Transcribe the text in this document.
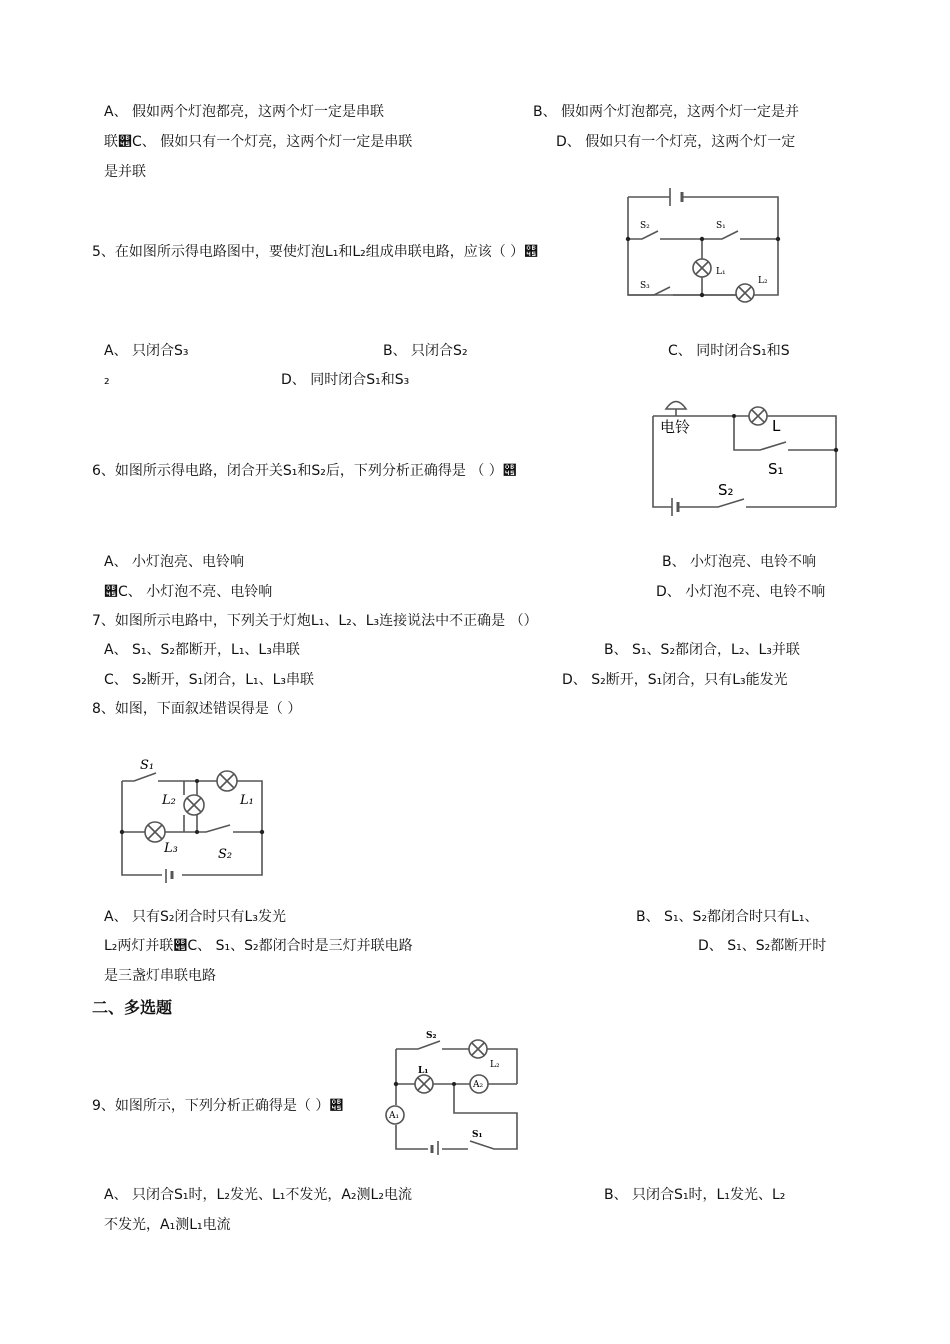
A、 假如两个灯泡都亮，这两个灯一定是串联	B、 假如两个灯泡都亮，这两个灯一定是并
联୅C、 假如只有一个灯亮，这两个灯一定是串联	D、 假如只有一个灯亮，这两个灯一定
是并联
5、在如图所示得电路图中，要使灯泡L₁和L₂组成串联电路，应该（ ）୅
S₂	S₁
L₁
S₃	L₂
A、 只闭合S₃	B、 只闭合S₂	C、 同时闭合S₁和S
₂	D、 同时闭合S₁和S₃
6、如图所示得电路，闭合开关S₁和S₂后，下列分析正确得是 （ ）୅
电铃	L
S₁
S₂
A、 小灯泡亮、电铃响	B、 小灯泡亮、电铃不响
୅C、 小灯泡不亮、电铃响	D、 小灯泡不亮、电铃不响
7、如图所示电路中，下列关于灯炮L₁、L₂、L₃连接说法中不正确是 （）
A、 S₁、S₂都断开，L₁、L₃串联	B、 S₁、S₂都闭合，L₂、L₃并联
C、 S₂断开，S₁闭合，L₁、L₃串联	D、 S₂断开，S₁闭合，只有L₃能发光
8、如图，下面叙述错误得是（ ）
S₁
L₂	L₁
L₃	S₂
A、 只有S₂闭合时只有L₃发光	B、 S₁、S₂都闭合时只有L₁、
L₂两灯并联୅C、 S₁、S₂都闭合时是三灯并联电路	D、 S₁、S₂都断开时
是三盏灯串联电路
二、多选题
9、如图所示，下列分析正确得是（ ）୅
S₂
L₂
L₁
A₂
A₁
S₁
A、 只闭合S₁时，L₂发光、L₁不发光，A₂测L₂电流	B、 只闭合S₁时，L₁发光、L₂
不发光，A₁测L₁电流
